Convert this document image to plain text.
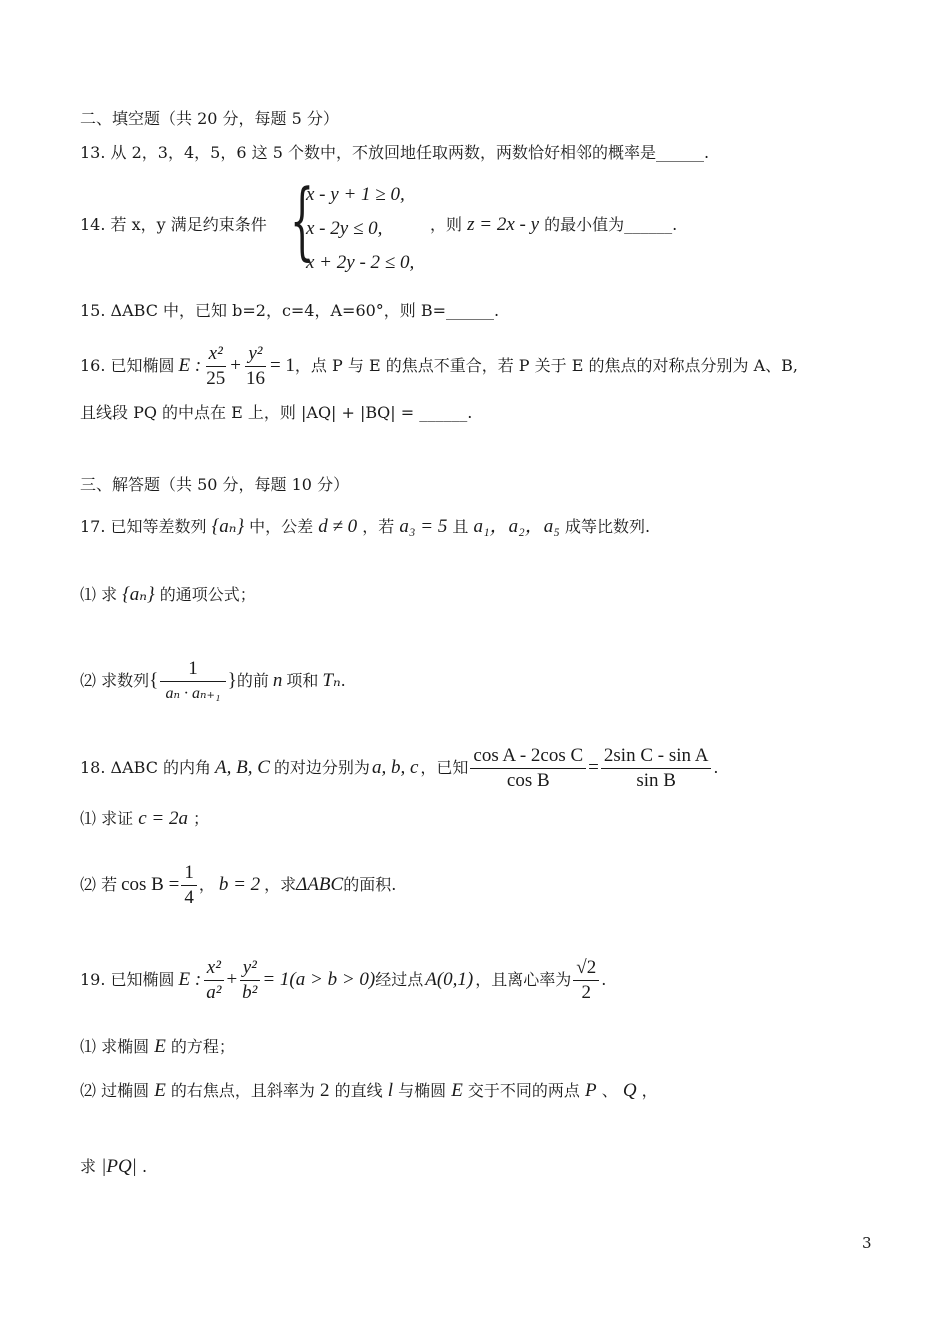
二、填空题（共 20 分，每题 5 分）
13. 从 2，3，4，5，6 这 5 个数中，不放回地任取两数，两数恰好相邻的概率是______.
14. 若 x，y 满足约束条件 {
x - y + 1 ≥ 0,
x - 2y ≤ 0,
x + 2y - 2 ≤ 0,
，则 z = 2x - y 的最小值为______.
15. ΔABC 中，已知 b=2，c=4，A=60°，则 B=______.
16. 已知椭圆 E : $\frac{\text{x²}}{25} + \frac{\text{y²}}{16} = 1$ ，点 P 与 E 的焦点不重合，若 P 关于 E 的焦点的对称点分别为 A、B,
且线段 PQ 的中点在 E 上，则 |AQ| + |BQ| = ______.
三、解答题（共 50 分，每题 10 分）
17. 已知等差数列 {aₙ} 中，公差 d ≠ 0 ，若 a₃ = 5 且 a₁，a₂，a₅ 成等比数列.
⑴ 求 {aₙ} 的通项公式；
⑵ 求数列 { $\frac{1}{\text{aₙ · aₙ₊₁}}$ } 的前 n 项和 Tₙ .
18. ΔABC 的内角 A, B, C 的对边分别为 a, b, c ，已知 $\frac{\text{cos A - 2cos C}}{\text{cos B}} = \frac{\text{2sin C - sin A}}{\text{sin B}}$ .
⑴ 求证 c = 2a ；
⑵ 若 $\cos B = \frac{1}{4}$ ， b = 2 ，求 ΔABC 的面积.
19. 已知椭圆 E : $\frac{\text{x²}}{\text{a²}} + \frac{\text{y²}}{\text{b²}} = 1(a > b > 0)$ 经过点 A(0,1) ，且离心率为 $\frac{√2}{2}$ .
⑴ 求椭圆 E 的方程；
⑵ 过椭圆 E 的右焦点，且斜率为 2 的直线 l 与椭圆 E 交于不同的两点 P 、 Q ，
求 |PQ| .
3
